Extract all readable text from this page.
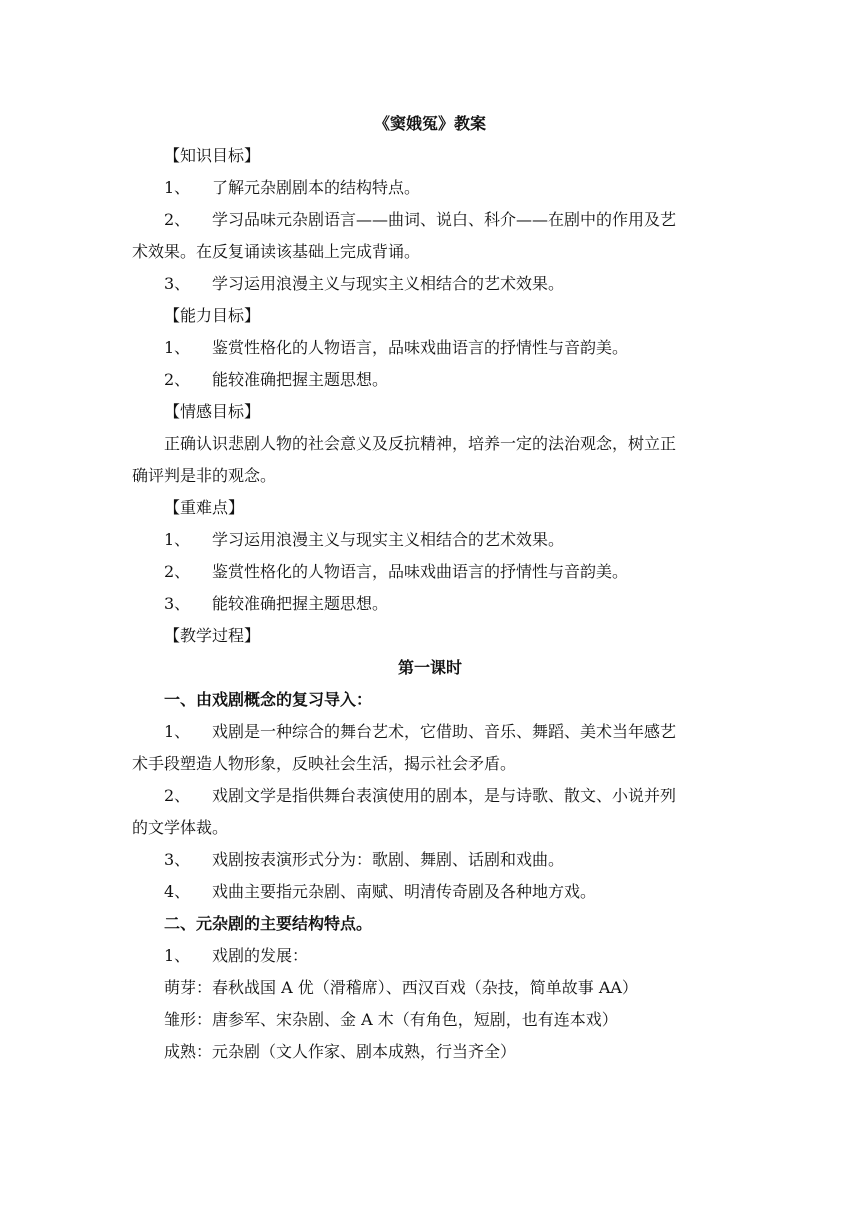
《窦娥冤》教案
【知识目标】
1、 了解元杂剧剧本的结构特点。
2、 学习品味元杂剧语言——曲词、说白、科介——在剧中的作用及艺
术效果。在反复诵读该基础上完成背诵。
3、 学习运用浪漫主义与现实主义相结合的艺术效果。
【能力目标】
1、 鉴赏性格化的人物语言，品味戏曲语言的抒情性与音韵美。
2、 能较准确把握主题思想。
【情感目标】
正确认识悲剧人物的社会意义及反抗精神，培养一定的法治观念，树立正
确评判是非的观念。
【重难点】
1、 学习运用浪漫主义与现实主义相结合的艺术效果。
2、 鉴赏性格化的人物语言，品味戏曲语言的抒情性与音韵美。
3、 能较准确把握主题思想。
【教学过程】
第一课时
一、由戏剧概念的复习导入：
1、 戏剧是一种综合的舞台艺术，它借助、音乐、舞蹈、美术当年感艺
术手段塑造人物形象，反映社会生活，揭示社会矛盾。
2、 戏剧文学是指供舞台表演使用的剧本，是与诗歌、散文、小说并列
的文学体裁。
3、 戏剧按表演形式分为：歌剧、舞剧、话剧和戏曲。
4、 戏曲主要指元杂剧、南赋、明清传奇剧及各种地方戏。
二、元杂剧的主要结构特点。
1、 戏剧的发展：
萌芽：春秋战国 A 优（滑稽席）、西汉百戏（杂技，简单故事 AA）
雏形：唐参军、宋杂剧、金 A 木（有角色，短剧，也有连本戏）
成熟：元杂剧（文人作家、剧本成熟，行当齐全）
